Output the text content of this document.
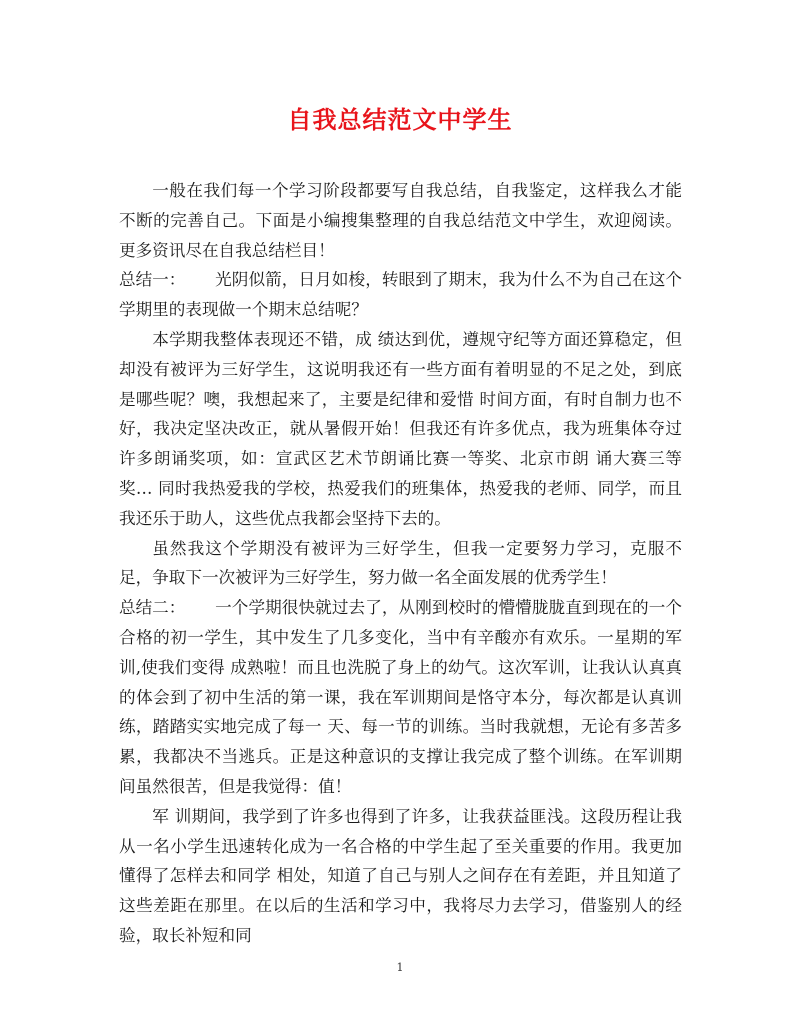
自我总结范文中学生

一般在我们每一个学习阶段都要写自我总结，自我鉴定，这样我么才能不断的完善自己。下面是小编搜集整理的自我总结范文中学生，欢迎阅读。更多资讯尽在自我总结栏目！

总结一： 光阴似箭，日月如梭，转眼到了期末，我为什么不为自己在这个学期里的表现做一个期末总结呢？

本学期我整体表现还不错，成 绩达到优，遵规守纪等方面还算稳定，但却没有被评为三好学生，这说明我还有一些方面有着明显的不足之处，到底是哪些呢？噢，我想起来了，主要是纪律和爱惜 时间方面，有时自制力也不好，我决定坚决改正，就从暑假开始！但我还有许多优点，我为班集体夺过许多朗诵奖项，如：宣武区艺术节朗诵比赛一等奖、北京市朗 诵大赛三等奖… 同时我热爱我的学校，热爱我们的班集体，热爱我的老师、同学，而且我还乐于助人，这些优点我都会坚持下去的。

虽然我这个学期没有被评为三好学生，但我一定要努力学习，克服不足，争取下一次被评为三好学生，努力做一名全面发展的优秀学生！

总结二： 一个学期很快就过去了，从刚到校时的懵懵胧胧直到现在的一个合格的初一学生，其中发生了几多变化，当中有辛酸亦有欢乐。一星期的军训,使我们变得 成熟啦！而且也洗脱了身上的幼气。这次军训，让我认认真真的体会到了初中生活的第一课，我在军训期间是恪守本分，每次都是认真训练，踏踏实实地完成了每一 天、每一节的训练。当时我就想，无论有多苦多累，我都决不当逃兵。正是这种意识的支撑让我完成了整个训练。在军训期间虽然很苦，但是我觉得：值！

军 训期间，我学到了许多也得到了许多，让我获益匪浅。这段历程让我从一名小学生迅速转化成为一名合格的中学生起了至关重要的作用。我更加懂得了怎样去和同学 相处，知道了自己与别人之间存在有差距，并且知道了这些差距在那里。在以后的生活和学习中，我将尽力去学习，借鉴别人的经验，取长补短和同

1
